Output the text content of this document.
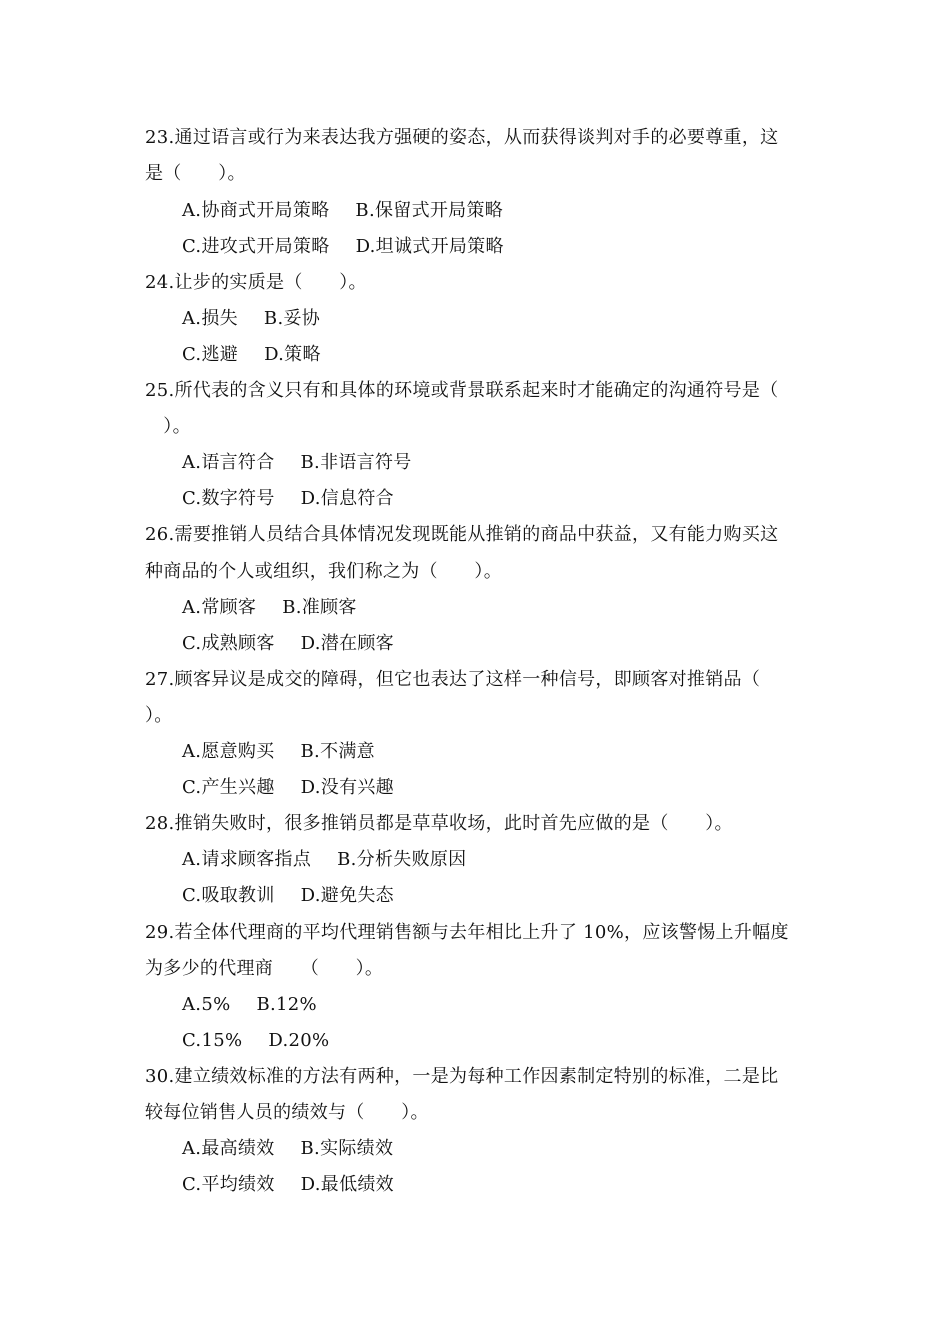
23.通过语言或行为来表达我方强硬的姿态，从而获得谈判对手的必要尊重，这
是（　　）。
A.协商式开局策略 B.保留式开局策略
C.进攻式开局策略 D.坦诚式开局策略
24.让步的实质是（　　）。
A.损失 B.妥协
C.逃避 D.策略
25.所代表的含义只有和具体的环境或背景联系起来时才能确定的沟通符号是（
　）。
A.语言符合 B.非语言符号
C.数字符号 D.信息符合
26.需要推销人员结合具体情况发现既能从推销的商品中获益，又有能力购买这
种商品的个人或组织，我们称之为（　　）。
A.常顾客 B.准顾客
C.成熟顾客 D.潜在顾客
27.顾客异议是成交的障碍，但它也表达了这样一种信号，即顾客对推销品（
）。
A.愿意购买 B.不满意
C.产生兴趣 D.没有兴趣
28.推销失败时，很多推销员都是草草收场，此时首先应做的是（　　）。
A.请求顾客指点 B.分析失败原因
C.吸取教训 D.避免失态
29.若全体代理商的平均代理销售额与去年相比上升了 10%，应该警惕上升幅度
为多少的代理商　　（　　）。
A.5% B.12%
C.15% D.20%
30.建立绩效标准的方法有两种，一是为每种工作因素制定特别的标准，二是比
较每位销售人员的绩效与（　　）。
A.最高绩效 B.实际绩效
C.平均绩效 D.最低绩效
